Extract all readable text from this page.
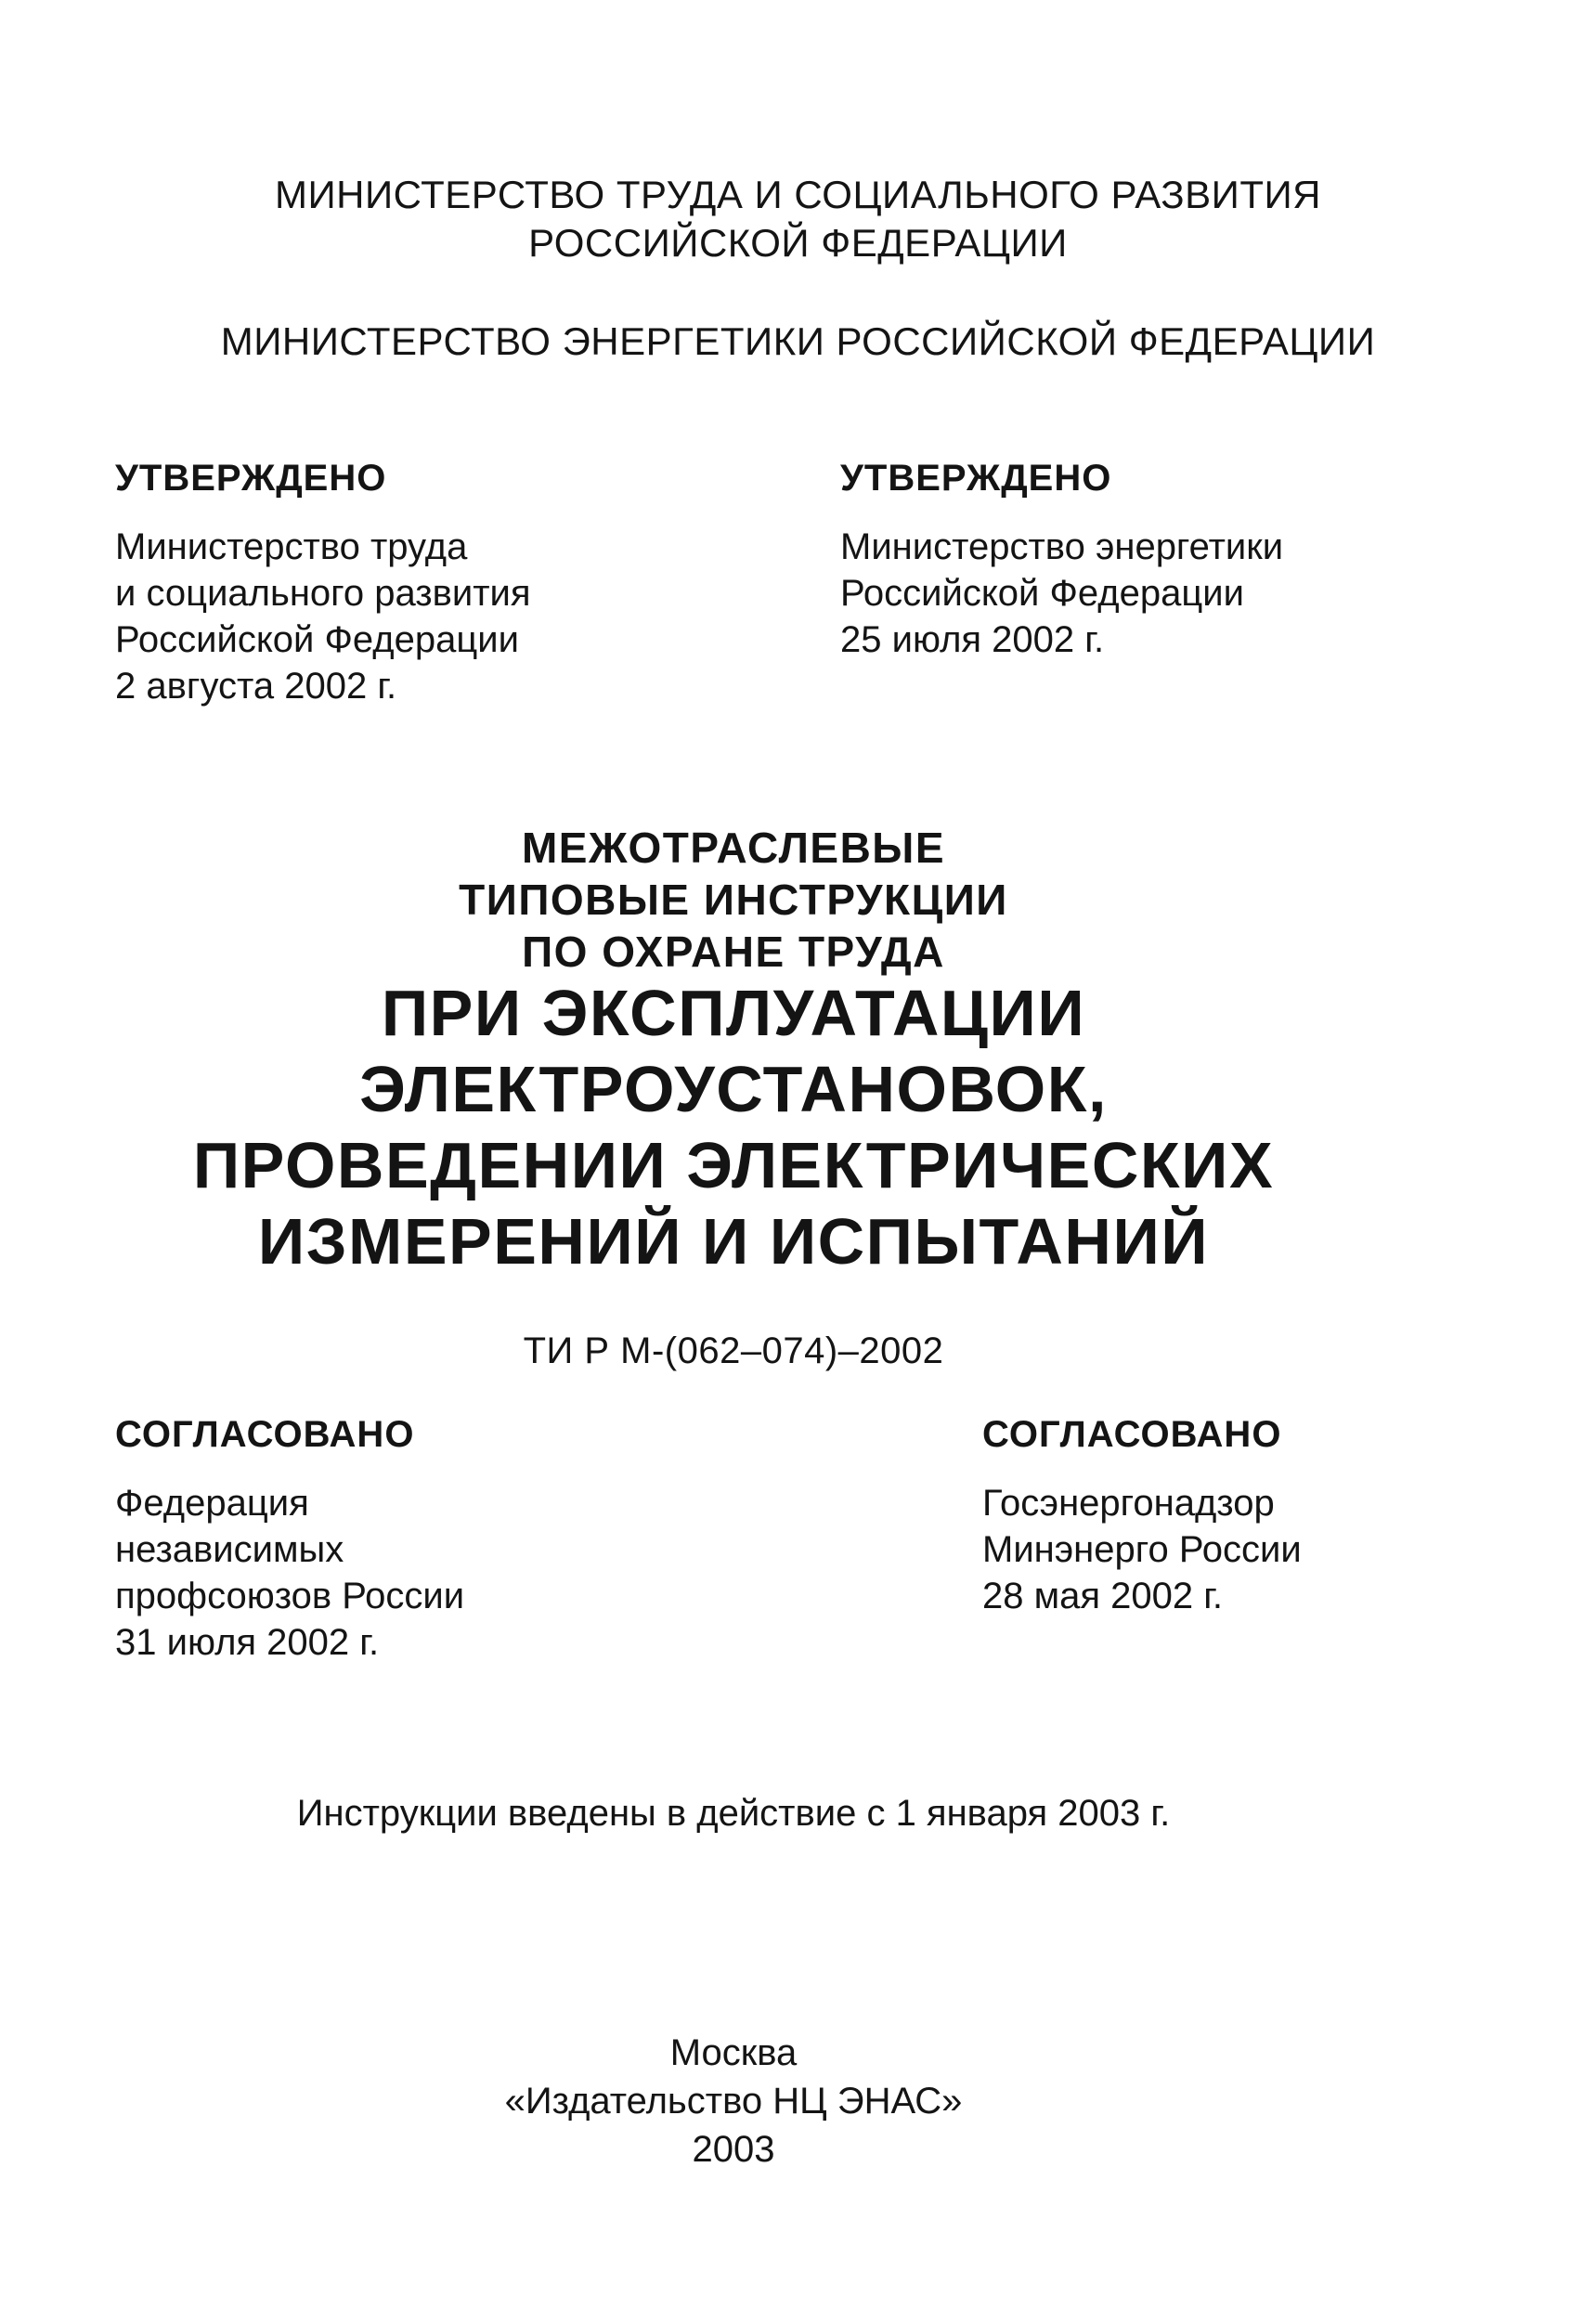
МИНИСТЕРСТВО ТРУДА И СОЦИАЛЬНОГО РАЗВИТИЯ
РОССИЙСКОЙ ФЕДЕРАЦИИ
МИНИСТЕРСТВО ЭНЕРГЕТИКИ РОССИЙСКОЙ ФЕДЕРАЦИИ
УТВЕРЖДЕНО
Министерство труда
и социального развития
Российской Федерации
2 августа 2002 г.
УТВЕРЖДЕНО
Министерство энергетики
Российской Федерации
25 июля 2002 г.
МЕЖОТРАСЛЕВЫЕ
ТИПОВЫЕ ИНСТРУКЦИИ
ПО ОХРАНЕ ТРУДА
ПРИ ЭКСПЛУАТАЦИИ
ЭЛЕКТРОУСТАНОВОК,
ПРОВЕДЕНИИ ЭЛЕКТРИЧЕСКИХ
ИЗМЕРЕНИЙ И ИСПЫТАНИЙ
ТИ Р М-(062–074)–2002
СОГЛАСОВАНО
Федерация
независимых
профсоюзов России
31 июля 2002 г.
СОГЛАСОВАНО
Госэнергонадзор
Минэнерго России
28 мая 2002 г.
Инструкции введены в действие с 1 января 2003 г.
Москва
«Издательство НЦ ЭНАС»
2003
